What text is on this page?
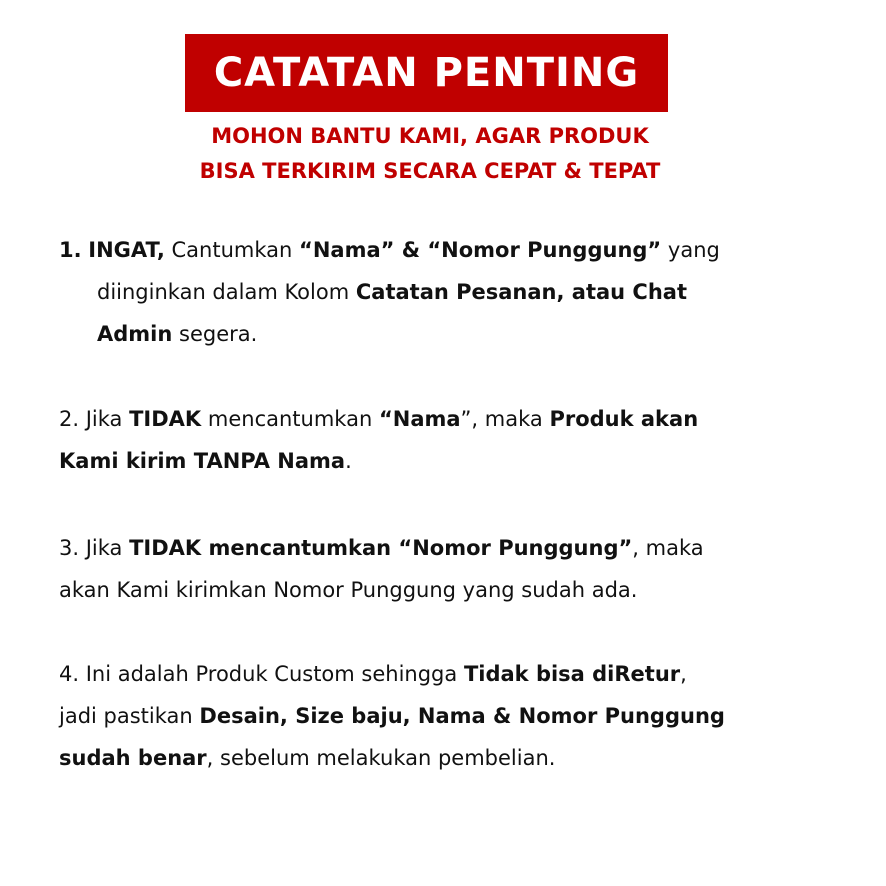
CATATAN PENTING
MOHON BANTU KAMI, AGAR PRODUK
BISA TERKIRIM SECARA CEPAT & TEPAT
1. INGAT, Cantumkan “Nama” & “Nomor Punggung” yang
diinginkan dalam Kolom Catatan Pesanan, atau Chat
Admin segera.
2. Jika TIDAK mencantumkan “Nama”, maka Produk akan
Kami kirim TANPA Nama.
3. Jika TIDAK mencantumkan “Nomor Punggung”, maka
akan Kami kirimkan Nomor Punggung yang sudah ada.
4. Ini adalah Produk Custom sehingga Tidak bisa diRetur,
jadi pastikan Desain, Size baju, Nama & Nomor Punggung
sudah benar, sebelum melakukan pembelian.
